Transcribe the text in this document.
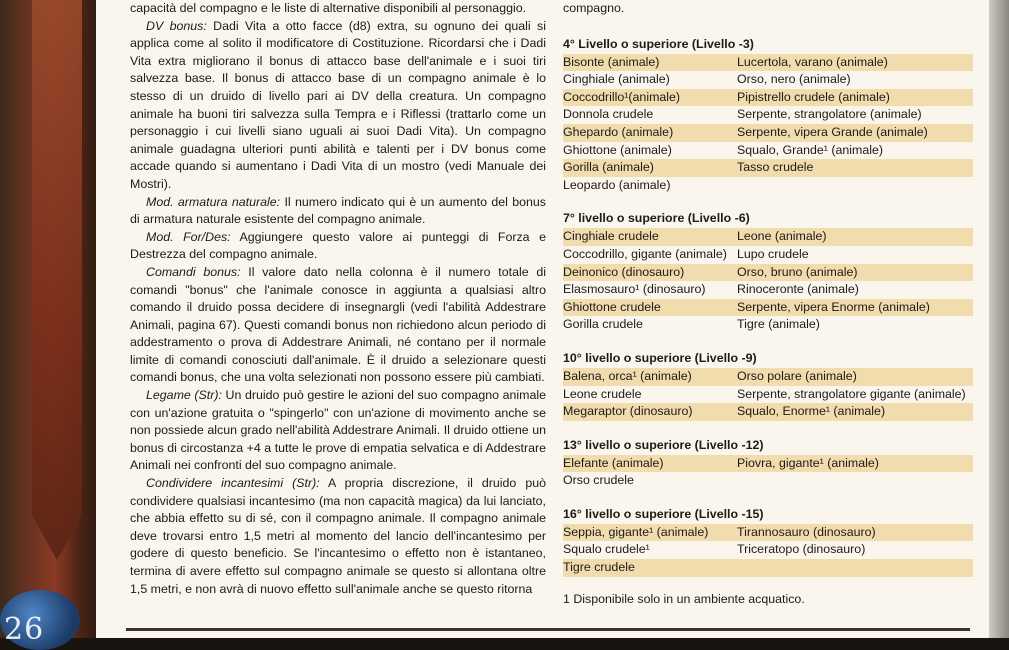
26

capacità del compagno e le liste di alternative disponibili al personaggio.

DV bonus: Dadi Vita a otto facce (d8) extra, su ognuno dei quali si applica come al solito il modificatore di Costituzione. Ricordarsi che i Dadi Vita extra migliorano il bonus di attacco base dell'animale e i suoi tiri salvezza base. Il bonus di attacco base di un compagno animale è lo stesso di un druido di livello pari ai DV della creatura. Un compagno animale ha buoni tiri salvezza sulla Tempra e i Riflessi (trattarlo come un personaggio i cui livelli siano uguali ai suoi Dadi Vita). Un compagno animale guadagna ulteriori punti abilità e talenti per i DV bonus come accade quando si aumentano i Dadi Vita di un mostro (vedi Manuale dei Mostri).

Mod. armatura naturale: Il numero indicato qui è un aumento del bonus di armatura naturale esistente del compagno animale.

Mod. For/Des: Aggiungere questo valore ai punteggi di Forza e Destrezza del compagno animale.

Comandi bonus: Il valore dato nella colonna è il numero totale di comandi "bonus" che l'animale conosce in aggiunta a qualsiasi altro comando il druido possa decidere di insegnargli (vedi l'abilità Addestrare Animali, pagina 67). Questi comandi bonus non richiedono alcun periodo di addestramento o prova di Addestrare Animali, né contano per il normale limite di comandi conosciuti dall'animale. È il druido a selezionare questi comandi bonus, che una volta selezionati non possono essere più cambiati.

Legame (Str): Un druido può gestire le azioni del suo compagno animale con un'azione gratuita o "spingerlo" con un'azione di movimento anche se non possiede alcun grado nell'abilità Addestrare Animali. Il druido ottiene un bonus di circostanza +4 a tutte le prove di empatia selvatica e di Addestrare Animali nei confronti del suo compagno animale.

Condividere incantesimi (Str): A propria discrezione, il druido può condividere qualsiasi incantesimo (ma non capacità magica) da lui lanciato, che abbia effetto su di sé, con il compagno animale. Il compagno animale deve trovarsi entro 1,5 metri al momento del lancio dell'incantesimo per godere di questo beneficio. Se l'incantesimo o effetto non è istantaneo, termina di avere effetto sul compagno animale se questo si allontana oltre 1,5 metri, e non avrà di nuovo effetto sull'animale anche se questo ritorna

compagno.

4° Livello o superiore (Livello -3)
Bisonte (animale)	Lucertola, varano (animale)
Cinghiale (animale)	Orso, nero (animale)
Coccodrillo¹(animale)	Pipistrello crudele (animale)
Donnola crudele	Serpente, strangolatore (animale)
Ghepardo (animale)	Serpente, vipera Grande (animale)
Ghiottone (animale)	Squalo, Grande¹ (animale)
Gorilla (animale)	Tasso crudele
Leopardo (animale)
7° livello o superiore (Livello -6)
Cinghiale crudele	Leone (animale)
Coccodrillo, gigante (animale) Lupo crudele
Deinonico (dinosauro)	Orso, bruno (animale)
Elasmosauro¹ (dinosauro)	Rinoceronte (animale)
Ghiottone crudele	Serpente, vipera Enorme (animale)
Gorilla crudele	Tigre (animale)
10° livello o superiore (Livello -9)
Balena, orca¹ (animale)	Orso polare (animale)
Leone crudele	Serpente, strangolatore gigante (animale)
Megaraptor (dinosauro)	Squalo, Enorme¹ (animale)
13° livello o superiore (Livello -12)
Elefante (animale)	Piovra, gigante¹ (animale)
Orso crudele
16° livello o superiore (Livello -15)
Seppia, gigante¹ (animale)	Tirannosauro (dinosauro)
Squalo crudele¹	Triceratopo (dinosauro)
Tigre crudele
1 Disponibile solo in un ambiente acquatico.
